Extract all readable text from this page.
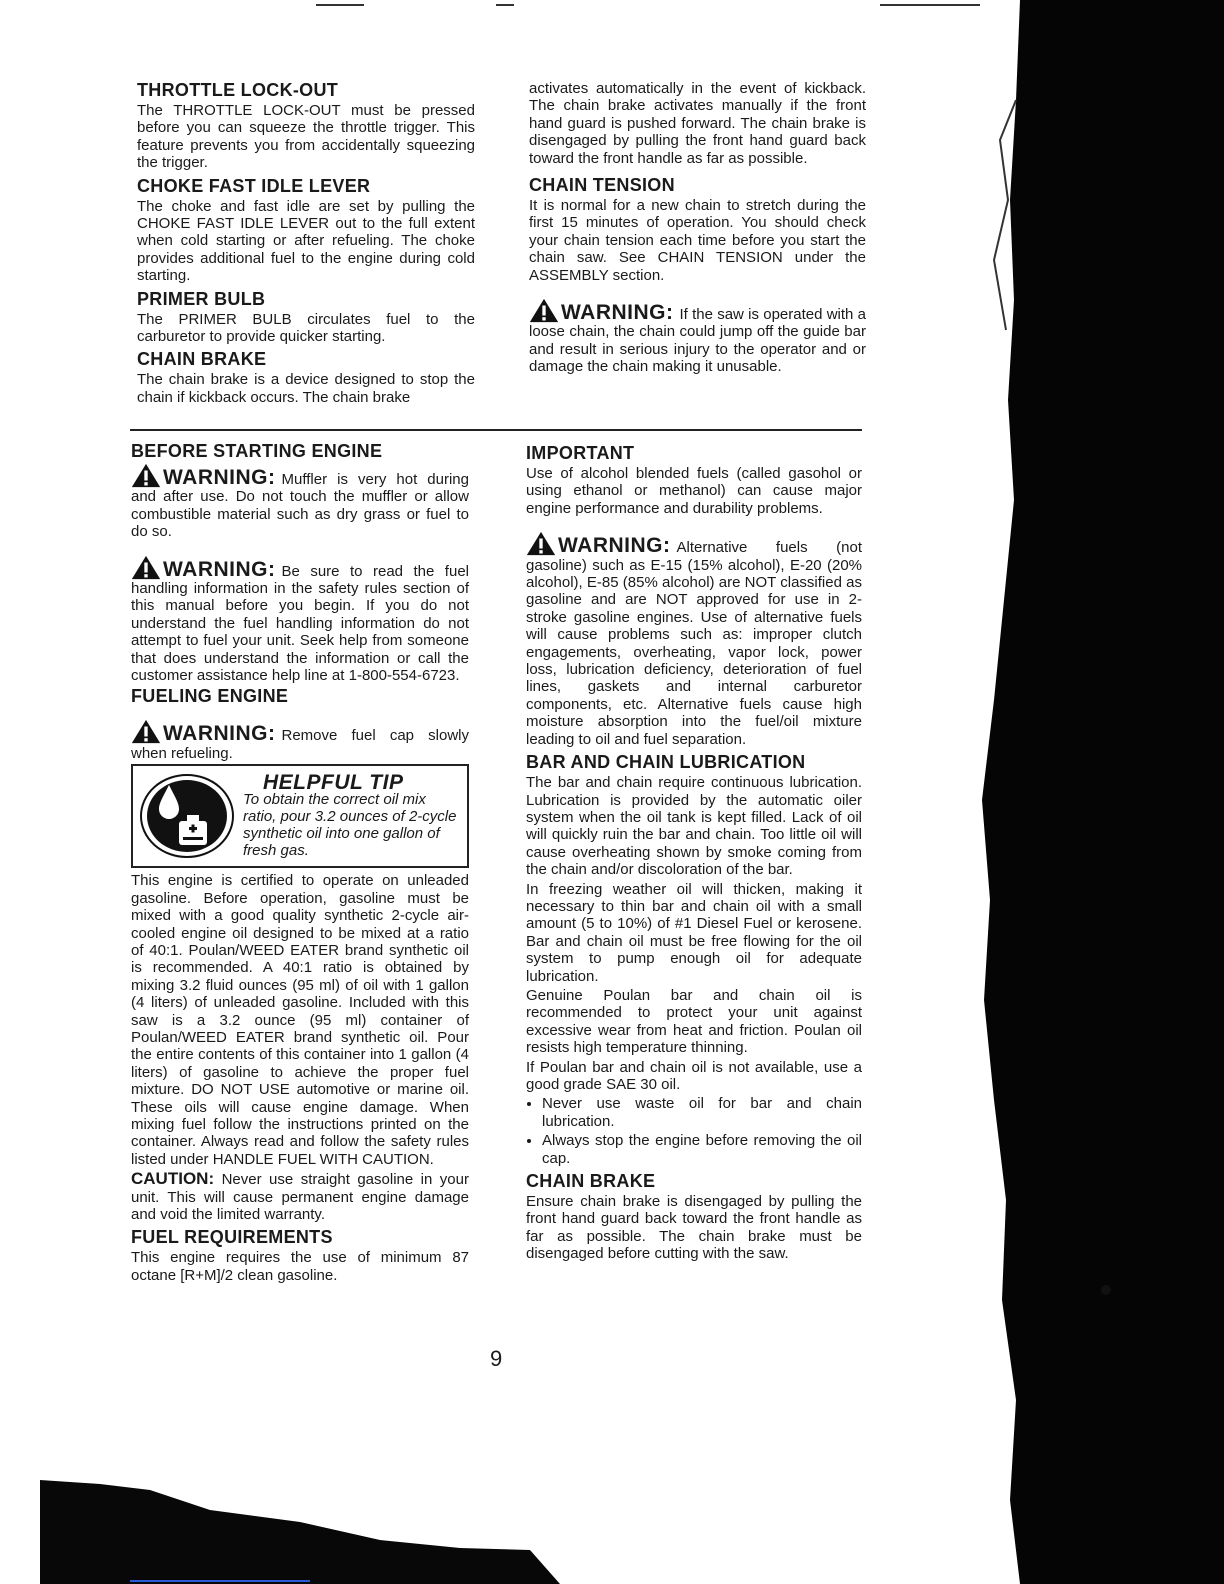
THROTTLE LOCK-OUT

The THROTTLE LOCK-OUT must be pressed before you can squeeze the throttle trigger. This feature prevents you from accidentally squeezing the trigger.

CHOKE FAST IDLE LEVER

The choke and fast idle are set by pulling the CHOKE FAST IDLE LEVER out to the full extent when cold starting or after refueling. The choke provides additional fuel to the engine during cold starting.

PRIMER BULB

The PRIMER BULB circulates fuel to the carburetor to provide quicker starting.

CHAIN BRAKE

The chain brake is a device designed to stop the chain if kickback occurs. The chain brake

activates automatically in the event of kickback. The chain brake activates manually if the front hand guard is pushed forward. The chain brake is disengaged by pulling the front hand guard back toward the front handle as far as possible.

CHAIN TENSION

It is normal for a new chain to stretch during the first 15 minutes of operation. You should check your chain tension each time before you start the chain saw. See CHAIN TENSION under the ASSEMBLY section.

WARNING: If the saw is operated with a loose chain, the chain could jump off the guide bar and result in serious injury to the operator and or damage the chain making it unusable.

BEFORE STARTING ENGINE

WARNING: Muffler is very hot during and after use. Do not touch the muffler or allow combustible material such as dry grass or fuel to do so.

WARNING: Be sure to read the fuel handling information in the safety rules section of this manual before you begin. If you do not understand the fuel handling information do not attempt to fuel your unit. Seek help from someone that does understand the information or call the customer assistance help line at 1-800-554-6723.

FUELING ENGINE

WARNING: Remove fuel cap slowly when refueling.

HELPFUL TIP
To obtain the correct oil mix ratio, pour 3.2 ounces of 2-cycle synthetic oil into one gallon of fresh gas.

This engine is certified to operate on unleaded gasoline. Before operation, gasoline must be mixed with a good quality synthetic 2-cycle air-cooled engine oil designed to be mixed at a ratio of 40:1. Poulan/WEED EATER brand synthetic oil is recommended. A 40:1 ratio is obtained by mixing 3.2 fluid ounces (95 ml) of oil with 1 gallon (4 liters) of unleaded gasoline. Included with this saw is a 3.2 ounce (95 ml) container of Poulan/WEED EATER brand synthetic oil. Pour the entire contents of this container into 1 gallon (4 liters) of gasoline to achieve the proper fuel mixture. DO NOT USE automotive or marine oil. These oils will cause engine damage. When mixing fuel follow the instructions printed on the container. Always read and follow the safety rules listed under HANDLE FUEL WITH CAUTION.

CAUTION: Never use straight gasoline in your unit. This will cause permanent engine damage and void the limited warranty.

FUEL REQUIREMENTS

This engine requires the use of minimum 87 octane [R+M]/2 clean gasoline.

IMPORTANT

Use of alcohol blended fuels (called gasohol or using ethanol or methanol) can cause major engine performance and durability problems.

WARNING: Alternative fuels (not gasoline) such as E-15 (15% alcohol), E-20 (20% alcohol), E-85 (85% alcohol) are NOT classified as gasoline and are NOT approved for use in 2-stroke gasoline engines. Use of alternative fuels will cause problems such as: improper clutch engagements, overheating, vapor lock, power loss, lubrication deficiency, deterioration of fuel lines, gaskets and internal carburetor components, etc. Alternative fuels cause high moisture absorption into the fuel/oil mixture leading to oil and fuel separation.

BAR AND CHAIN LUBRICATION

The bar and chain require continuous lubrication. Lubrication is provided by the automatic oiler system when the oil tank is kept filled. Lack of oil will quickly ruin the bar and chain. Too little oil will cause overheating shown by smoke coming from the chain and/or discoloration of the bar.

In freezing weather oil will thicken, making it necessary to thin bar and chain oil with a small amount (5 to 10%) of #1 Diesel Fuel or kerosene. Bar and chain oil must be free flowing for the oil system to pump enough oil for adequate lubrication.

Genuine Poulan bar and chain oil is recommended to protect your unit against excessive wear from heat and friction. Poulan oil resists high temperature thinning.

If Poulan bar and chain oil is not available, use a good grade SAE 30 oil.

• Never use waste oil for bar and chain lubrication.
• Always stop the engine before removing the oil cap.
CHAIN BRAKE

Ensure chain brake is disengaged by pulling the front hand guard back toward the front handle as far as possible. The chain brake must be disengaged before cutting with the saw.

9
